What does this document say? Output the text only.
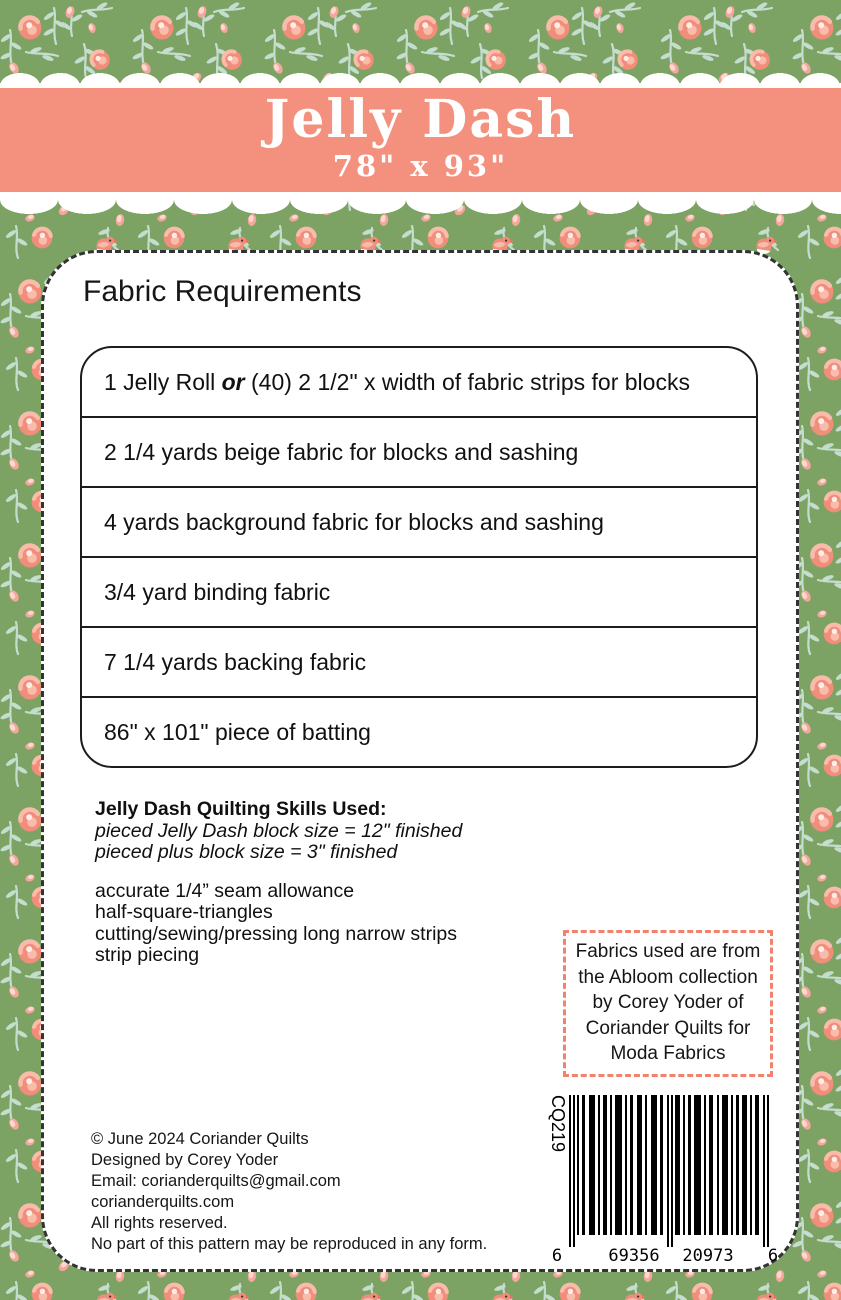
Jelly Dash
78" x 93"
Fabric Requirements
1 Jelly Roll or (40) 2 1/2" x width of fabric strips for blocks
2 1/4 yards beige fabric for blocks and sashing
4 yards background fabric for blocks and sashing
3/4 yard binding fabric
7 1/4 yards backing fabric
86" x 101" piece of batting
Jelly Dash Quilting Skills Used:
pieced Jelly Dash block size = 12" finished
pieced plus block size = 3" finished
accurate 1/4” seam allowance
half-square-triangles
cutting/sewing/pressing long narrow strips
strip piecing	Fabrics used are from
the Abloom collection
by Corey Yoder of
Coriander Quilts for
Moda Fabrics
© June 2024 Coriander Quilts
Designed by Corey Yoder
Email: corianderquilts@gmail.com
corianderquilts.com
All rights reserved.
No part of this pattern may be reproduced in any form.
CQ219
6	69356 20973 6
